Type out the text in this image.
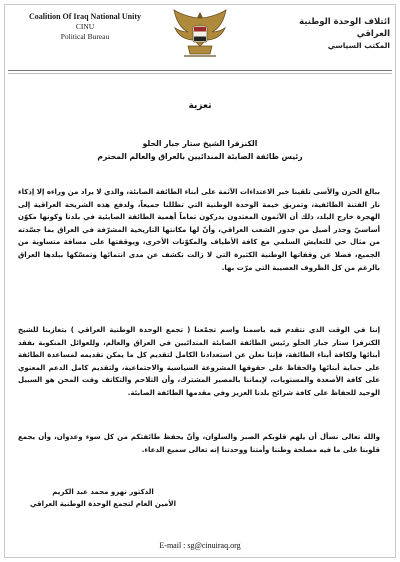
Coalition Of Iraq National Unity
CINU
Political Bureau
ائتلاف الوحدة الوطنية العراقي
المكتب السياسي
تعزية
الكنزفرا الشيخ ستار جبار الحلو
رئيس طائفة الصابئة المندائيين بالعراق والعالم المحترم
ببالغ الحزن والأسى تلقينا خبر الاعتداءات الآثمة على أبناء الطائفة الصابئة، والذي لا يراد من وراءه إلا إذكاء نار الفتنة الطائفية، وتمزيق خيمة الوحدة الوطنية التي تظللنا جميعاً، ولدفع هذه الشريحة العراقية إلى الهجرة خارج البلد، ذلك أن الآثمون المعتدون يدركون تماماً أهمية الطائفة الصابئية في بلدنا وكونها مكوّن أساسيّ وجذر أصيل من جذور الشعب العراقي، وأنّ لها مكانتها التاريخية المشرّفة في العراق بما جسّدته من مثال حي للتعايش السلمي مع كافة الأطياف والمكوّنات الأخرى، ويوقفتها على مسافة متساوية من الجميع، فضلا عن وقفاتها الوطنية الكثيرة التي لا زالت تكشف عن مدى انتمائها وتمسّكها ببلدها العراق بالرغم من كل الظروف العصيبة التي مرّت بها.
إننا في الوقت الذي نتقدم فيه باسمنا واسم تجمّعنا ( تجمع الوحدة الوطنية العراقي ) بتعازينا للشيخ الكنزفرا ستار جبار الحلو رئيس الطائفة الصابئة المندائيين في العراق والعالم، وللعوائل المنكوبة بفقد أبنائها ولكافة أبناء الطائفة، فإننا نعلن عن استعدادنا الكامل لتقديم كل ما يمكن تقديمه لمساعدة الطائفة على حماية أبنائها والحفاظ على حقوقها المشروعة السياسية والاجتماعية، ولتقديم كامل الدعم المعنوي على كافة الأصعدة والمستويات، لإيماننا بالمصير المشترك، وأن التلاحم والتكاتف وقت المحن هو السبيل الوحيد للحفاظ على كافة شرائح بلدنا العزيز وفي مقدمها الطائفة الصابئة.
والله تعالى نسأل أن يلهم قلوبكم الصبر والسلوان، وأنّ يحفظ طائفتكم من كل سوء وعدوان، وأن يجمع قلوبنا على ما فيه مصلحة وطننا وأمتنا ووحدتنا إنه تعالى سميع الدعاء.
الدكتور نهرو محمد عبد الكريم
الأمين العام لتجمع الوحدة الوطنية العراقي
E-mail : sg@cinuiraq.org
